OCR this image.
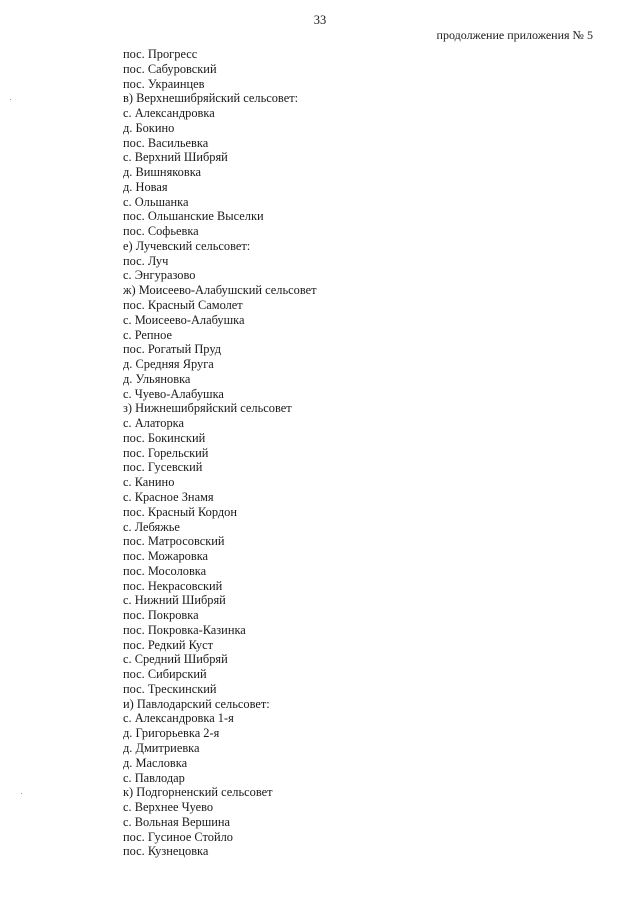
33
продолжение приложения № 5
пос. Прогресс
пос. Сабуровский
пос. Украинцев
в) Верхнешибряйский сельсовет:
с. Александровка
д. Бокино
пос. Васильевка
с. Верхний Шибряй
д. Вишняковка
д. Новая
с. Ольшанка
пос. Ольшанские Выселки
пос. Софьевка
е) Лучевский сельсовет:
пос. Луч
с. Энгуразово
ж) Моисеево-Алабушский сельсовет
пос. Красный Самолет
с. Моисеево-Алабушка
с. Репное
пос. Рогатый Пруд
д. Средняя Яруга
д. Ульяновка
с. Чуево-Алабушка
з) Нижнешибряйский сельсовет
с. Алаторка
пос. Бокинский
пос. Горельский
пос. Гусевский
с. Канино
с. Красное Знамя
пос. Красный Кордон
с. Лебяжье
пос. Матросовский
пос. Можаровка
пос. Мосоловка
пос. Некрасовский
с. Нижний Шибряй
пос. Покровка
пос. Покровка-Казинка
пос. Редкий Куст
с. Средний Шибряй
пос. Сибирский
пос. Трескинский
и) Павлодарский сельсовет:
с. Александровка 1-я
д. Григорьевка 2-я
д. Дмитриевка
д. Масловка
с. Павлодар
к) Подгорненский сельсовет
с. Верхнее Чуево
с. Вольная Вершина
пос. Гусиное Стойло
пос. Кузнецовка
